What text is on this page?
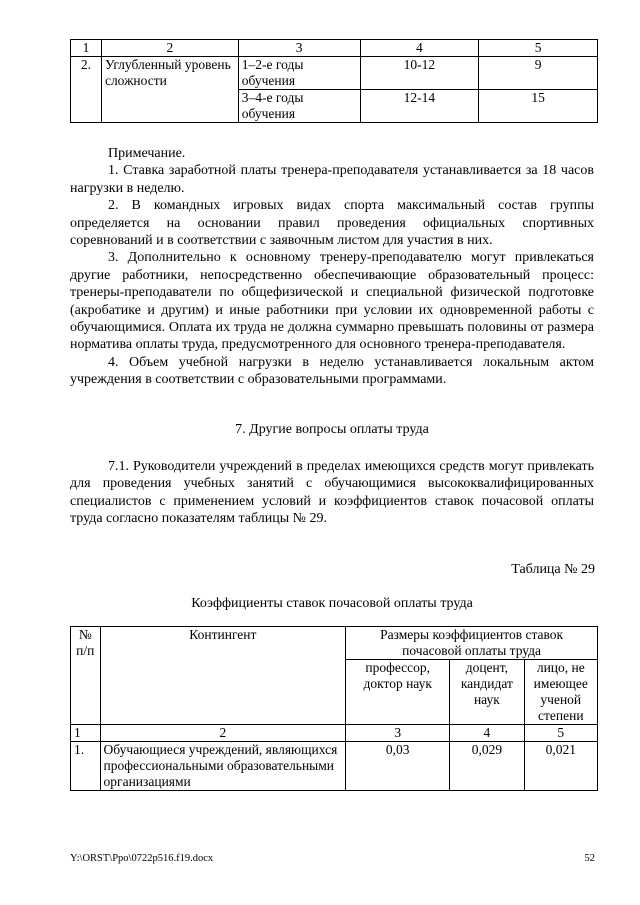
1	2	3	4	5
2.	Углубленный уровень сложности	1–2-е годы обучения	10-12	9
		3–4-е годы обучения	12-14	15

Примечание.

1. Ставка заработной платы тренера-преподавателя устанавливается за 18 часов нагрузки в неделю.

2. В командных игровых видах спорта максимальный состав группы определяется на основании правил проведения официальных спортивных соревнований и в соответствии с заявочным листом для участия в них.

3. Дополнительно к основному тренеру-преподавателю могут привлекаться другие работники, непосредственно обеспечивающие образовательный процесс: тренеры-преподаватели по общефизической и специальной физической подготовке (акробатике и другим) и иные работники при условии их одновременной работы с обучающимися. Оплата их труда не должна суммарно превышать половины от размера норматива оплаты труда, предусмотренного для основного тренера-преподавателя.

4. Объем учебной нагрузки в неделю устанавливается локальным актом учреждения в соответствии с образовательными программами.

7. Другие вопросы оплаты труда

7.1. Руководители учреждений в пределах имеющихся средств могут привлекать для проведения учебных занятий с обучающимися высококвалифицированных специалистов с применением условий и коэффициентов ставок почасовой оплаты труда согласно показателям таблицы № 29.

Таблица № 29
Коэффициенты ставок почасовой оплаты труда
№ п/п	Контингент	Размеры коэффициентов ставок почасовой оплаты труда		
		профессор, доктор наук	доцент, кандидат наук	лицо, не имеющее ученой степени
1	2	3	4	5
1.	Обучающиеся учреждений, являющихся профессиональными образовательными организациями	0,03	0,029	0,021
Y:\ORST\Ppo\0722p516.f19.docx	52
